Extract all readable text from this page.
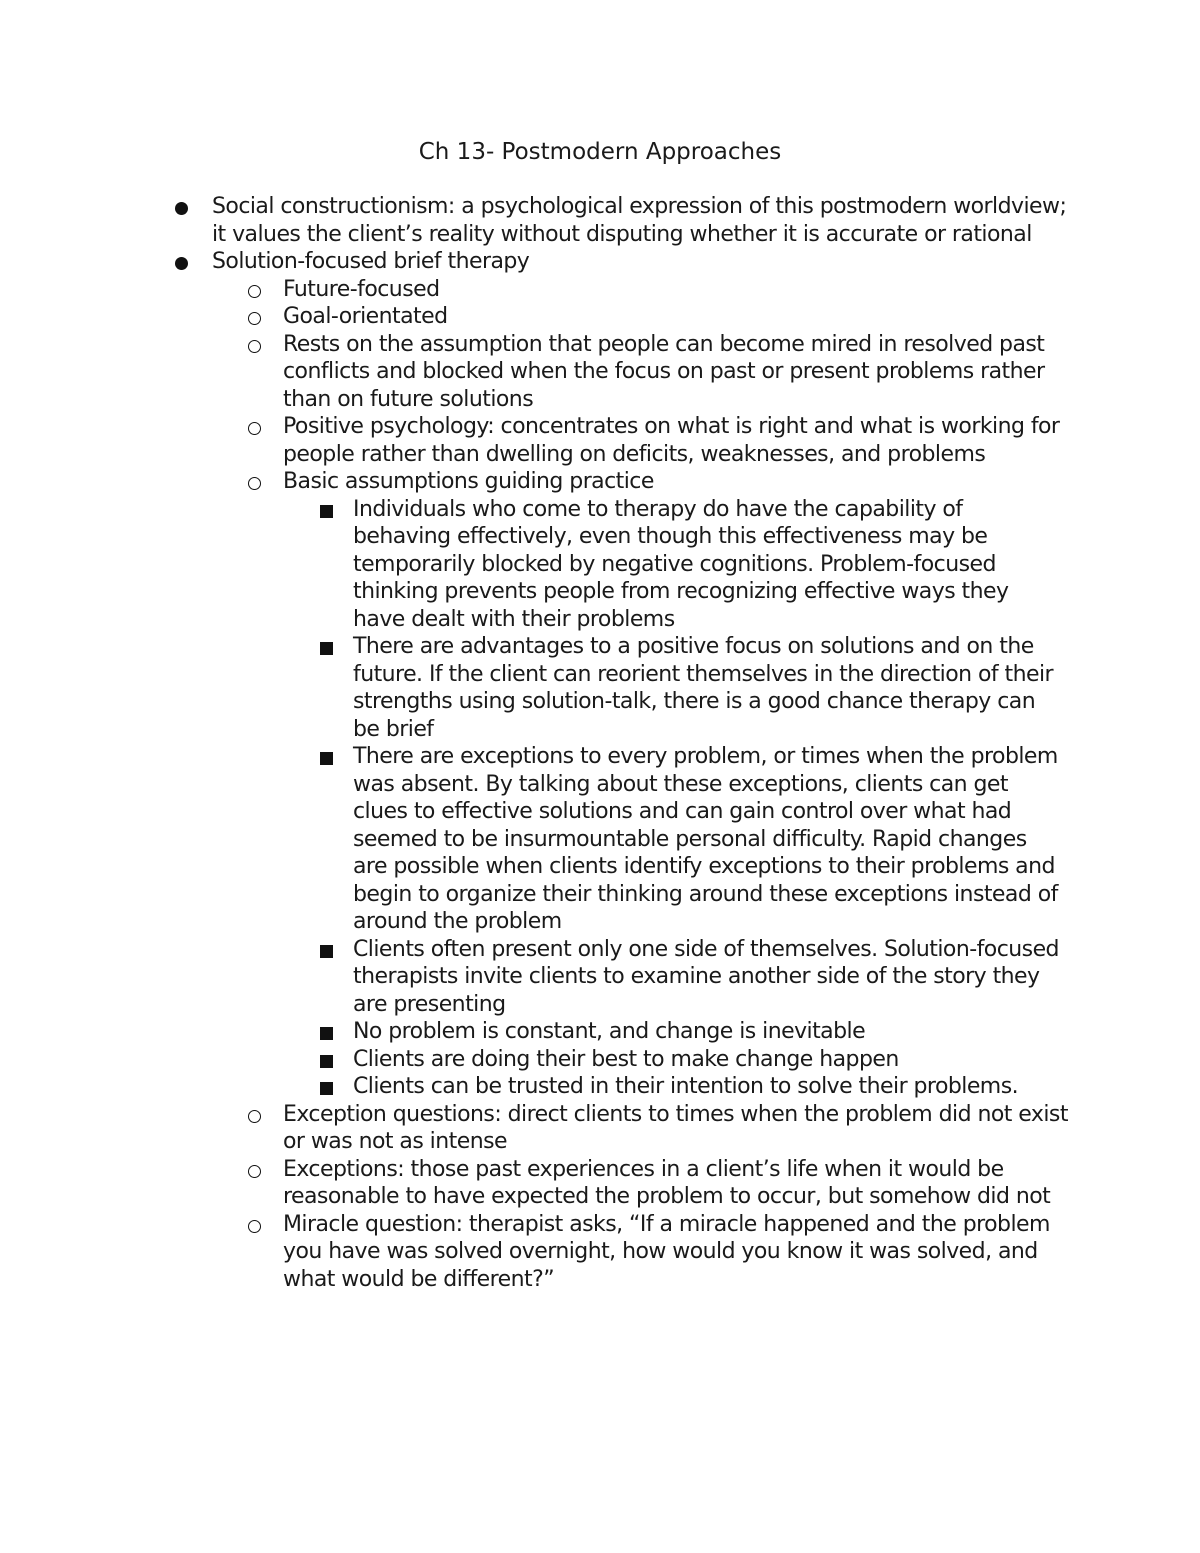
Ch 13- Postmodern Approaches
Social constructionism: a psychological expression of this postmodern worldview; it values the client’s reality without disputing whether it is accurate or rational
Solution-focused brief therapy
Future-focused
Goal-orientated
Rests on the assumption that people can become mired in resolved past conflicts and blocked when the focus on past or present problems rather than on future solutions
Positive psychology: concentrates on what is right and what is working for people rather than dwelling on deficits, weaknesses, and problems
Basic assumptions guiding practice
Individuals who come to therapy do have the capability of behaving effectively, even though this effectiveness may be temporarily blocked by negative cognitions. Problem-focused thinking prevents people from recognizing effective ways they have dealt with their problems
There are advantages to a positive focus on solutions and on the future. If the client can reorient themselves in the direction of their strengths using solution-talk, there is a good chance therapy can be brief
There are exceptions to every problem, or times when the problem was absent. By talking about these exceptions, clients can get clues to effective solutions and can gain control over what had seemed to be insurmountable personal difficulty. Rapid changes are possible when clients identify exceptions to their problems and begin to organize their thinking around these exceptions instead of around the problem
Clients often present only one side of themselves. Solution-focused therapists invite clients to examine another side of the story they are presenting
No problem is constant, and change is inevitable
Clients are doing their best to make change happen
Clients can be trusted in their intention to solve their problems.
Exception questions: direct clients to times when the problem did not exist or was not as intense
Exceptions: those past experiences in a client’s life when it would be reasonable to have expected the problem to occur, but somehow did not
Miracle question: therapist asks, “If a miracle happened and the problem you have was solved overnight, how would you know it was solved, and what would be different?”
